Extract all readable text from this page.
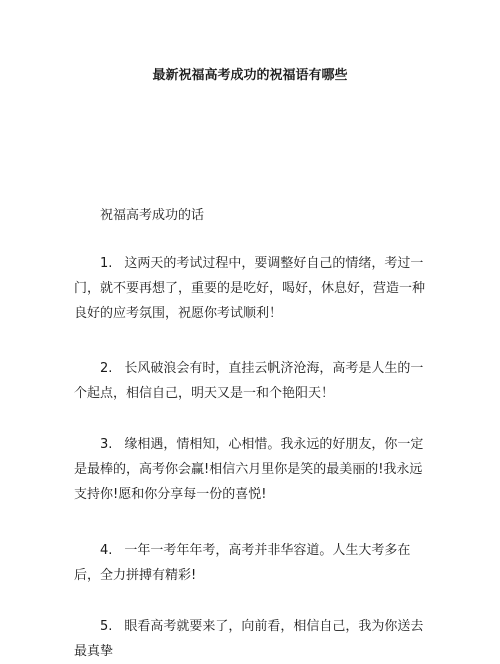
最新祝福高考成功的祝福语有哪些
祝福高考成功的话
1. 这两天的考试过程中，要调整好自己的情绪，考过一门，就不要再想了，重要的是吃好，喝好，休息好，营造一种良好的应考氛围，祝愿你考试顺利！
2. 长风破浪会有时，直挂云帆济沧海，高考是人生的一个起点，相信自己，明天又是一和个艳阳天！
3. 缘相遇，情相知，心相惜。我永远的好朋友，你一定是最棒的，高考你会赢!相信六月里你是笑的最美丽的!我永远支持你!愿和你分享每一份的喜悦!
4. 一年一考年年考，高考并非华容道。人生大考多在后，全力拼搏有精彩!
5. 眼看高考就要来了，向前看，相信自己，我为你送去最真挚
